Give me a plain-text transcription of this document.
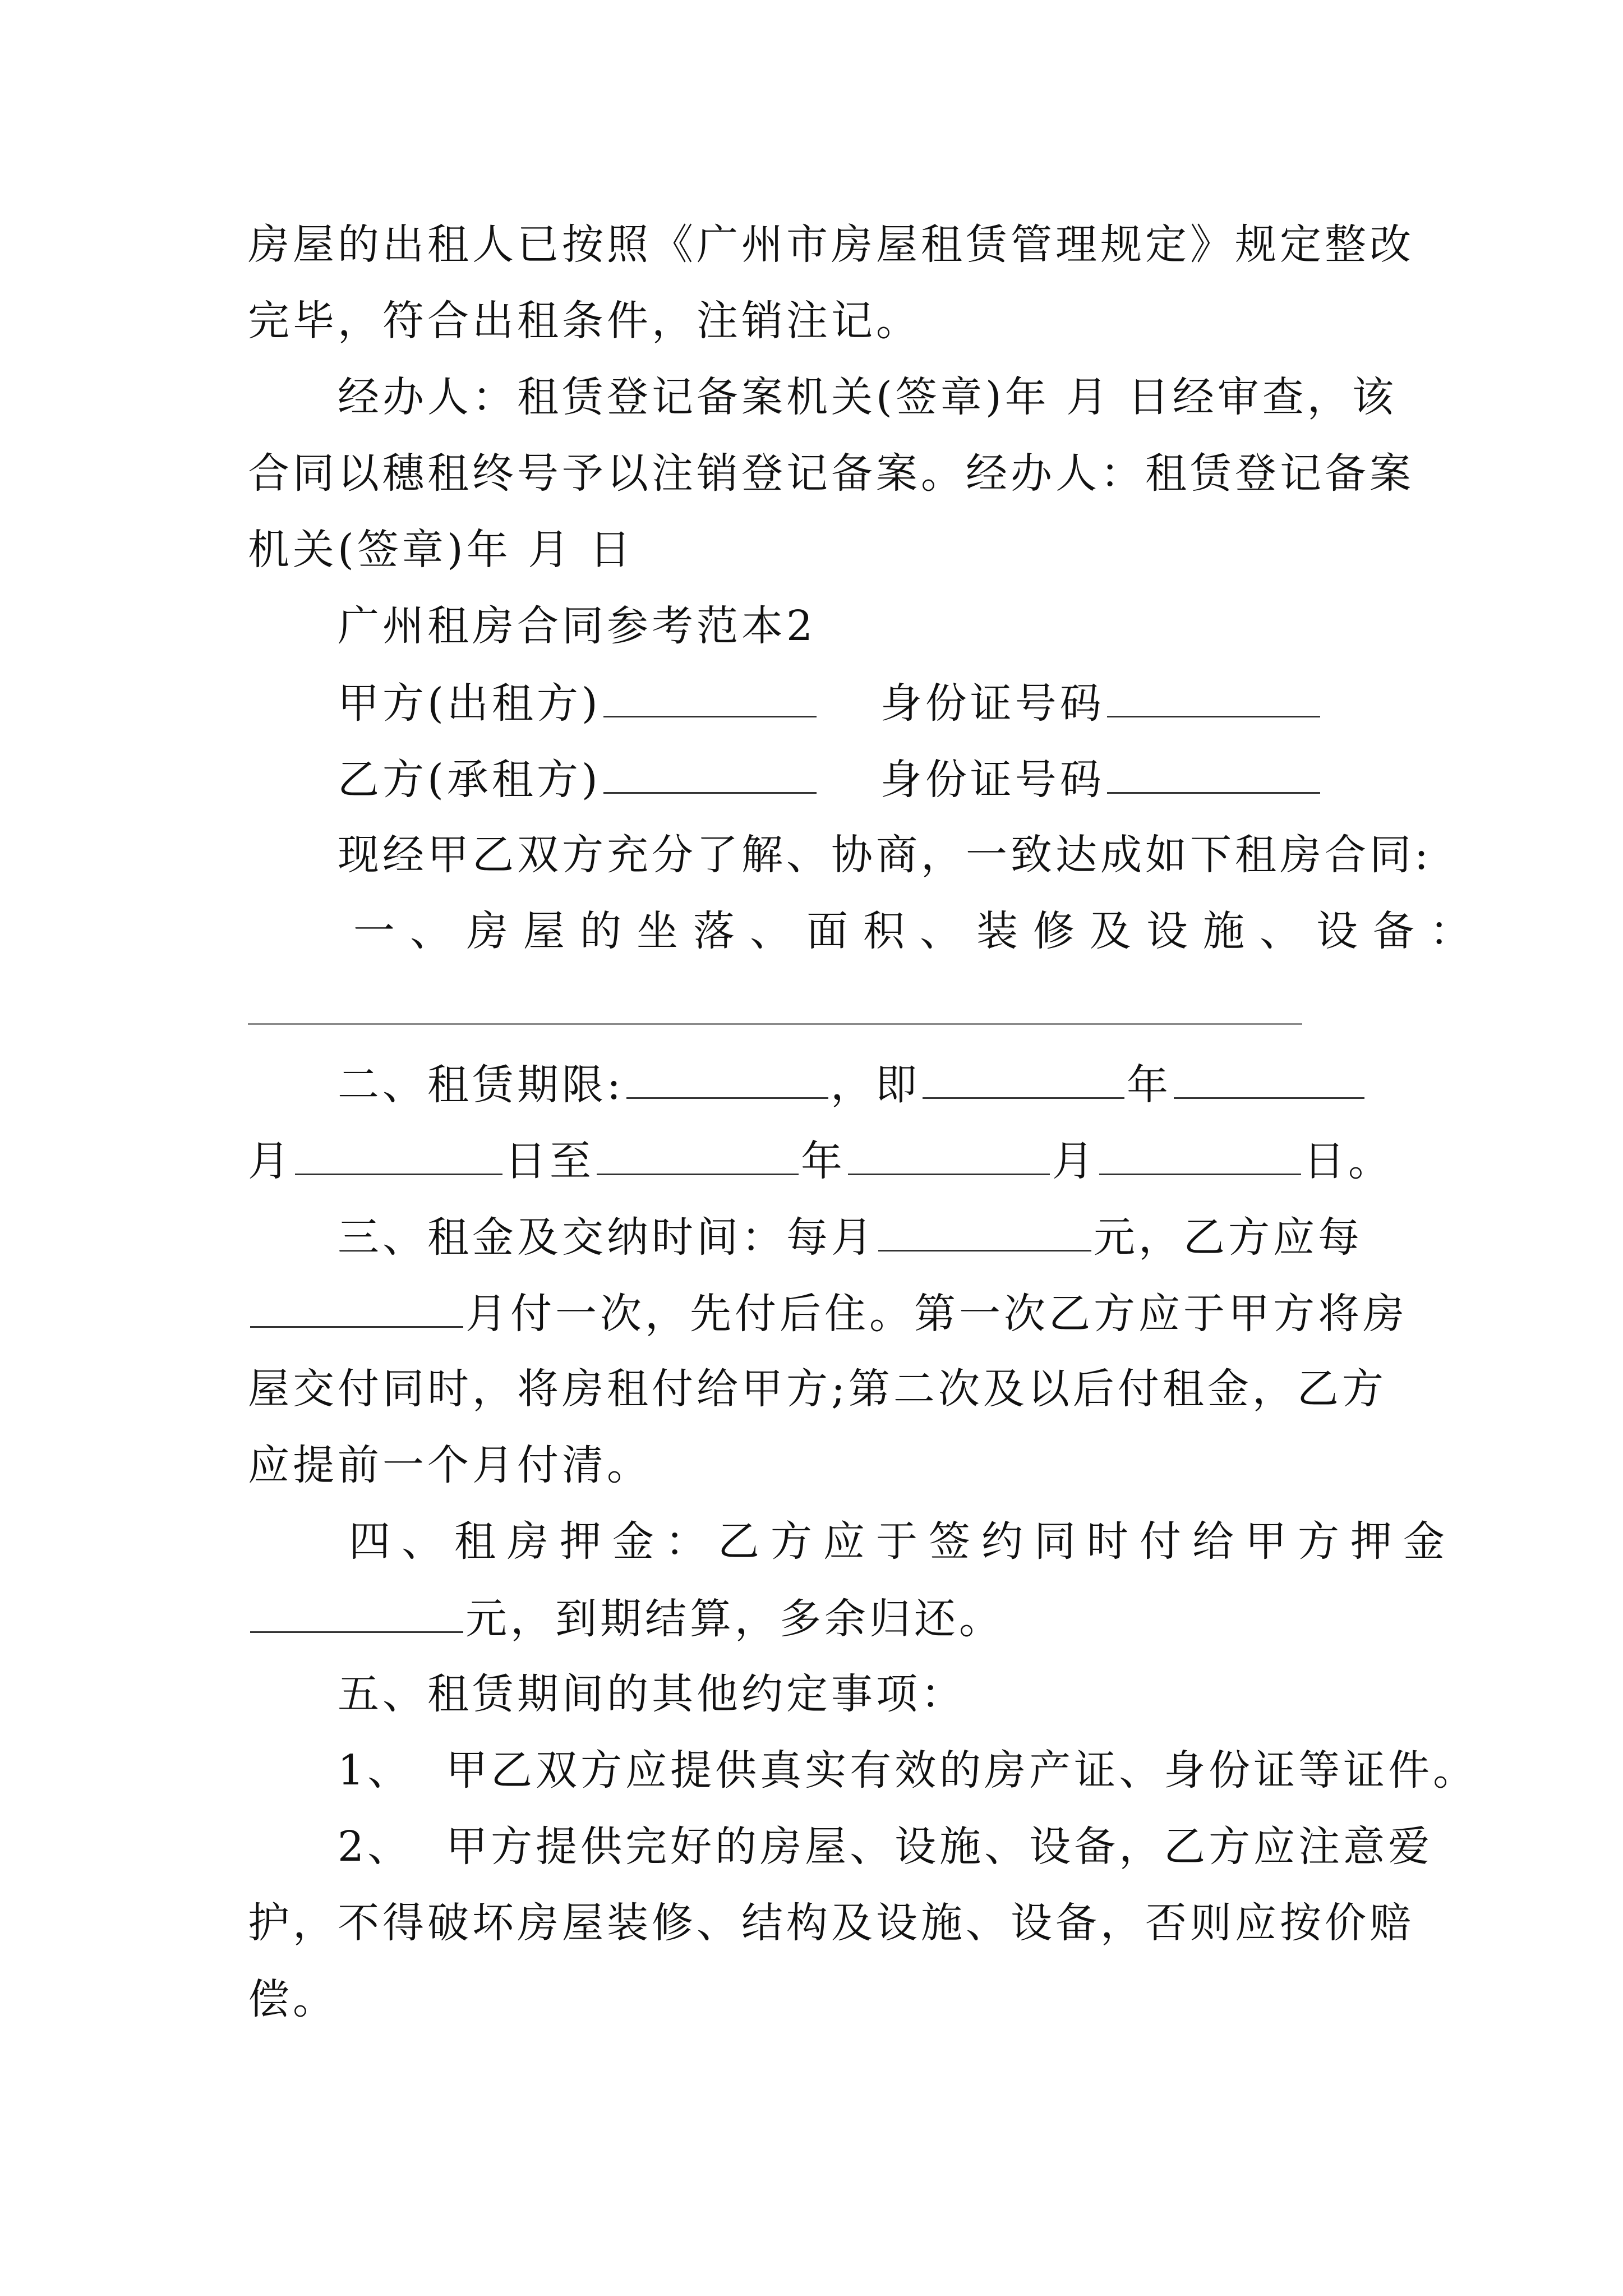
房屋的出租人已按照《广州市房屋租赁管理规定》规定整改
完毕，符合出租条件，注销注记。
经办人：租赁登记备案机关(签章)年 月 日经审查，该
合同以穗租终号予以注销登记备案。经办人：租赁登记备案
机关(签章)年 月 日
广州租房合同参考范本2
甲方(出租方)	身份证号码
乙方(承租方)	身份证号码
现经甲乙双方充分了解、协商，一致达成如下租房合同:
一、房屋的坐落、面积、装修及设施、设备：
二、租赁期限:	，即	年
月	日至	年	月	日。
三、租金及交纳时间：每月	元，乙方应每
月付一次，先付后住。第一次乙方应于甲方将房
屋交付同时，将房租付给甲方;第二次及以后付租金，乙方
应提前一个月付清。
四、租房押金：乙方应于签约同时付给甲方押金
元，到期结算，多余归还。
五、租赁期间的其他约定事项：
1、 甲乙双方应提供真实有效的房产证、身份证等证件。
2、 甲方提供完好的房屋、设施、设备，乙方应注意爱
护，不得破坏房屋装修、结构及设施、设备，否则应按价赔
偿。
